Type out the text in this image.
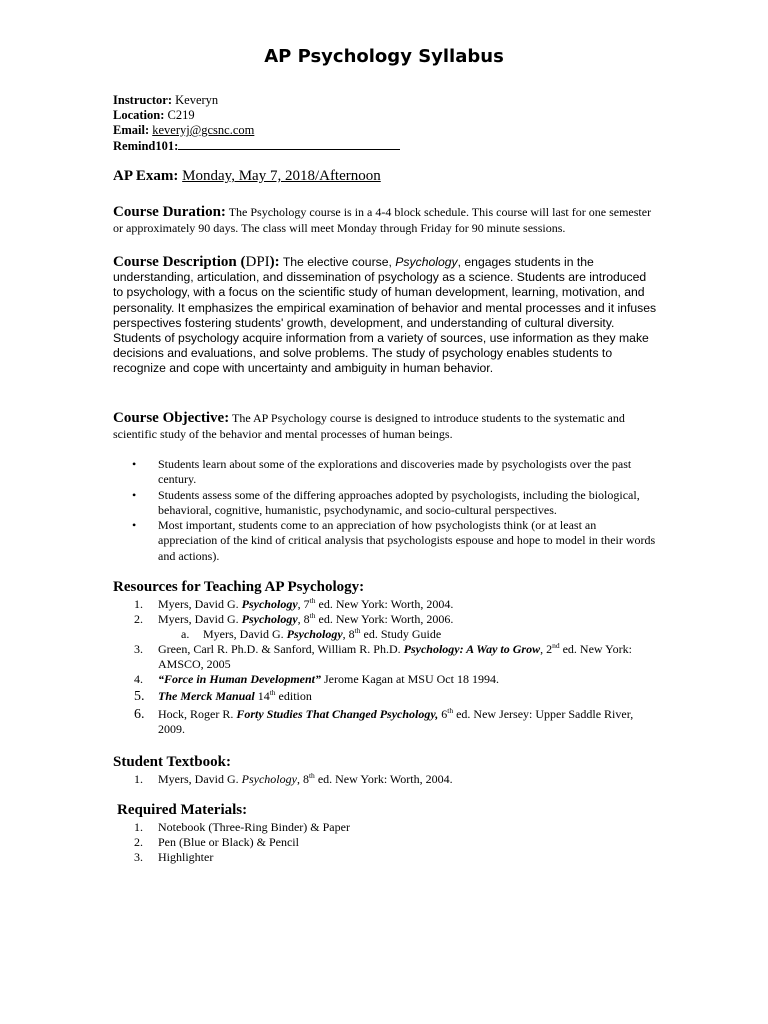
AP Psychology Syllabus
Instructor: Keveryn
Location: C219
Email: keveryj@gcsnc.com
Remind101:
AP Exam: Monday, May 7, 2018/Afternoon
Course Duration: The Psychology course is in a 4-4 block schedule. This course will last for one semester or approximately 90 days. The class will meet Monday through Friday for 90 minute sessions.
Course Description (DPI): The elective course, Psychology, engages students in the understanding, articulation, and dissemination of psychology as a science. Students are introduced to psychology, with a focus on the scientific study of human development, learning, motivation, and personality. It emphasizes the empirical examination of behavior and mental processes and it infuses perspectives fostering students' growth, development, and understanding of cultural diversity. Students of psychology acquire information from a variety of sources, use information as they make decisions and evaluations, and solve problems. The study of psychology enables students to recognize and cope with uncertainty and ambiguity in human behavior.
Course Objective: The AP Psychology course is designed to introduce students to the systematic and scientific study of the behavior and mental processes of human beings.
• Students learn about some of the explorations and discoveries made by psychologists over the past century.
• Students assess some of the differing approaches adopted by psychologists, including the biological, behavioral, cognitive, humanistic, psychodynamic, and socio-cultural perspectives.
• Most important, students come to an appreciation of how psychologists think (or at least an appreciation of the kind of critical analysis that psychologists espouse and hope to model in their words and actions).
Resources for Teaching AP Psychology:
1. Myers, David G. Psychology, 7th ed. New York: Worth, 2004.
2. Myers, David G. Psychology, 8th ed. New York: Worth, 2006.
a. Myers, David G. Psychology, 8th ed. Study Guide
3. Green, Carl R. Ph.D. & Sanford, William R. Ph.D. Psychology: A Way to Grow, 2nd ed. New York: AMSCO, 2005
4. “Force in Human Development” Jerome Kagan at MSU Oct 18 1994.
5. The Merck Manual 14th edition
6. Hock, Roger R. Forty Studies That Changed Psychology, 6th ed. New Jersey: Upper Saddle River, 2009.
Student Textbook:
1. Myers, David G. Psychology, 8th ed. New York: Worth, 2004.
Required Materials:
1. Notebook (Three-Ring Binder) & Paper
2. Pen (Blue or Black) & Pencil
3. Highlighter
